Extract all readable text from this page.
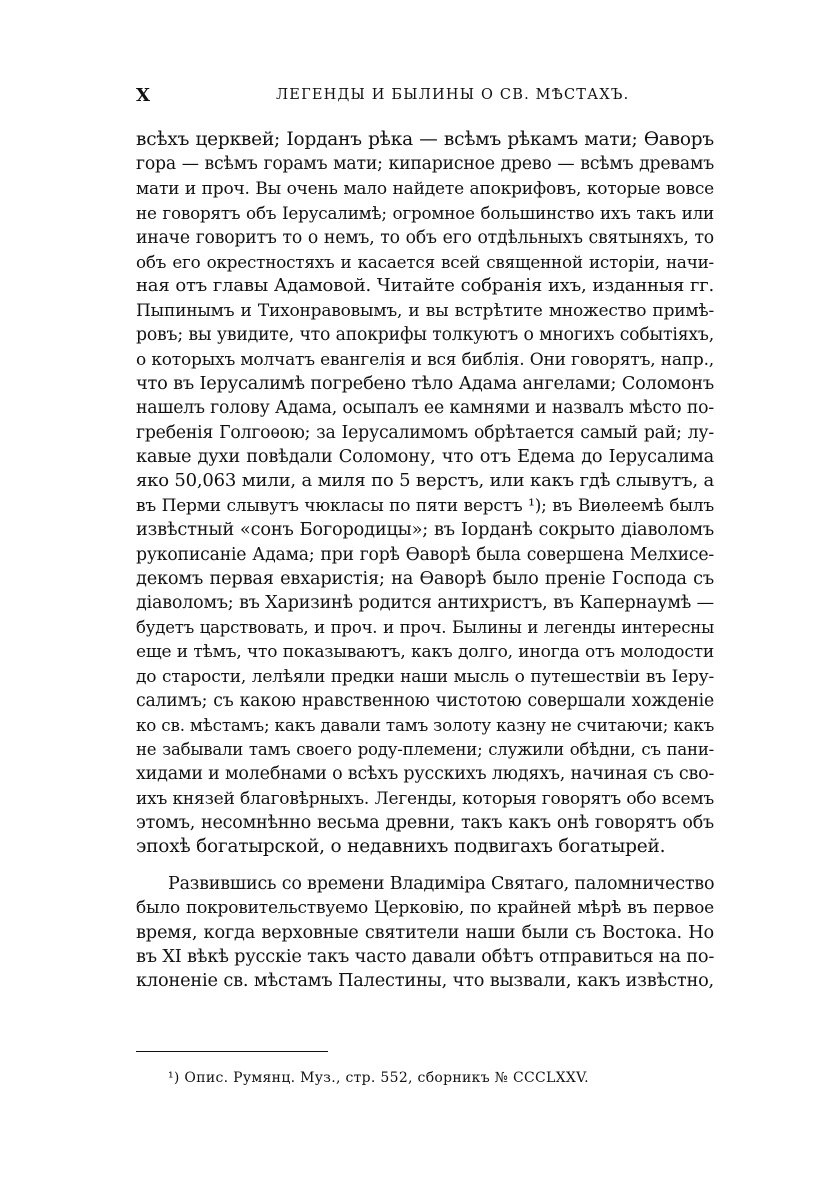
X	ЛЕГЕНДЫ И БЫЛИНЫ О СВ. МѢСТАХЪ.
всѣхъ церквей; Іорданъ рѣка — всѣмъ рѣкамъ мати; Ѳаворъ
гора — всѣмъ горамъ мати; кипарисное древо — всѣмъ древамъ
мати и проч. Вы очень мало найдете апокрифовъ, которые вовсе
не говорятъ объ Іерусалимѣ; огромное большинство ихъ такъ или
иначе говоритъ то о немъ, то объ его отдѣльныхъ святыняхъ, то
объ его окрестностяхъ и касается всей священной исторіи, начи-
ная отъ главы Адамовой. Читайте собранія ихъ, изданныя гг.
Пыпинымъ и Тихонравовымъ, и вы встрѣтите множество примѣ-
ровъ; вы увидите, что апокрифы толкуютъ о многихъ событіяхъ,
о которыхъ молчатъ евангелія и вся библія. Они говорятъ, напр.,
что въ Іерусалимѣ погребено тѣло Адама ангелами; Соломонъ
нашелъ голову Адама, осыпалъ ее камнями и назвалъ мѣсто по-
гребенія Голгоѳою; за Іерусалимомъ обрѣтается самый рай; лу-
кавые духи повѣдали Соломону, что отъ Едема до Іерусалима
яко 50,063 мили, а миля по 5 верстъ, или какъ гдѣ слывутъ, а
въ Перми слывутъ чюкласы по пяти верстъ ¹); въ Виѳлеемѣ былъ
извѣстный «сонъ Богородицы»; въ Іорданѣ сокрыто діаволомъ
рукописаніе Адама; при горѣ Ѳаворѣ была совершена Мелхисе-
декомъ первая евхаристія; на Ѳаворѣ было преніе Господа съ
діаволомъ; въ Харизинѣ родится антихристъ, въ Капернаумѣ —
будетъ царствовать, и проч. и проч. Былины и легенды интересны
еще и тѣмъ, что показываютъ, какъ долго, иногда отъ молодости
до старости, лелѣяли предки наши мысль о путешествіи въ Іеру-
салимъ; съ какою нравственною чистотою совершали хожденіе
ко св. мѣстамъ; какъ давали тамъ золоту казну не считаючи; какъ
не забывали тамъ своего роду-племени; служили обѣдни, съ пани-
хидами и молебнами о всѣхъ русскихъ людяхъ, начиная съ сво-
ихъ князей благовѣрныхъ. Легенды, которыя говорятъ обо всемъ
этомъ, несомнѣнно весьма древни, такъ какъ онѣ говорятъ объ
эпохѣ богатырской, о недавнихъ подвигахъ богатырей.
Развившись со времени Владиміра Святаго, паломничество
было покровительствуемо Церковію, по крайней мѣрѣ въ первое
время, когда верховные святители наши были съ Востока. Но
въ XI вѣкѣ русскіе такъ часто давали обѣтъ отправиться на по-
клоненіе св. мѣстамъ Палестины, что вызвали, какъ извѣстно,
¹) Опис. Румянц. Муз., стр. 552, сборникъ № CCCLXXV.
